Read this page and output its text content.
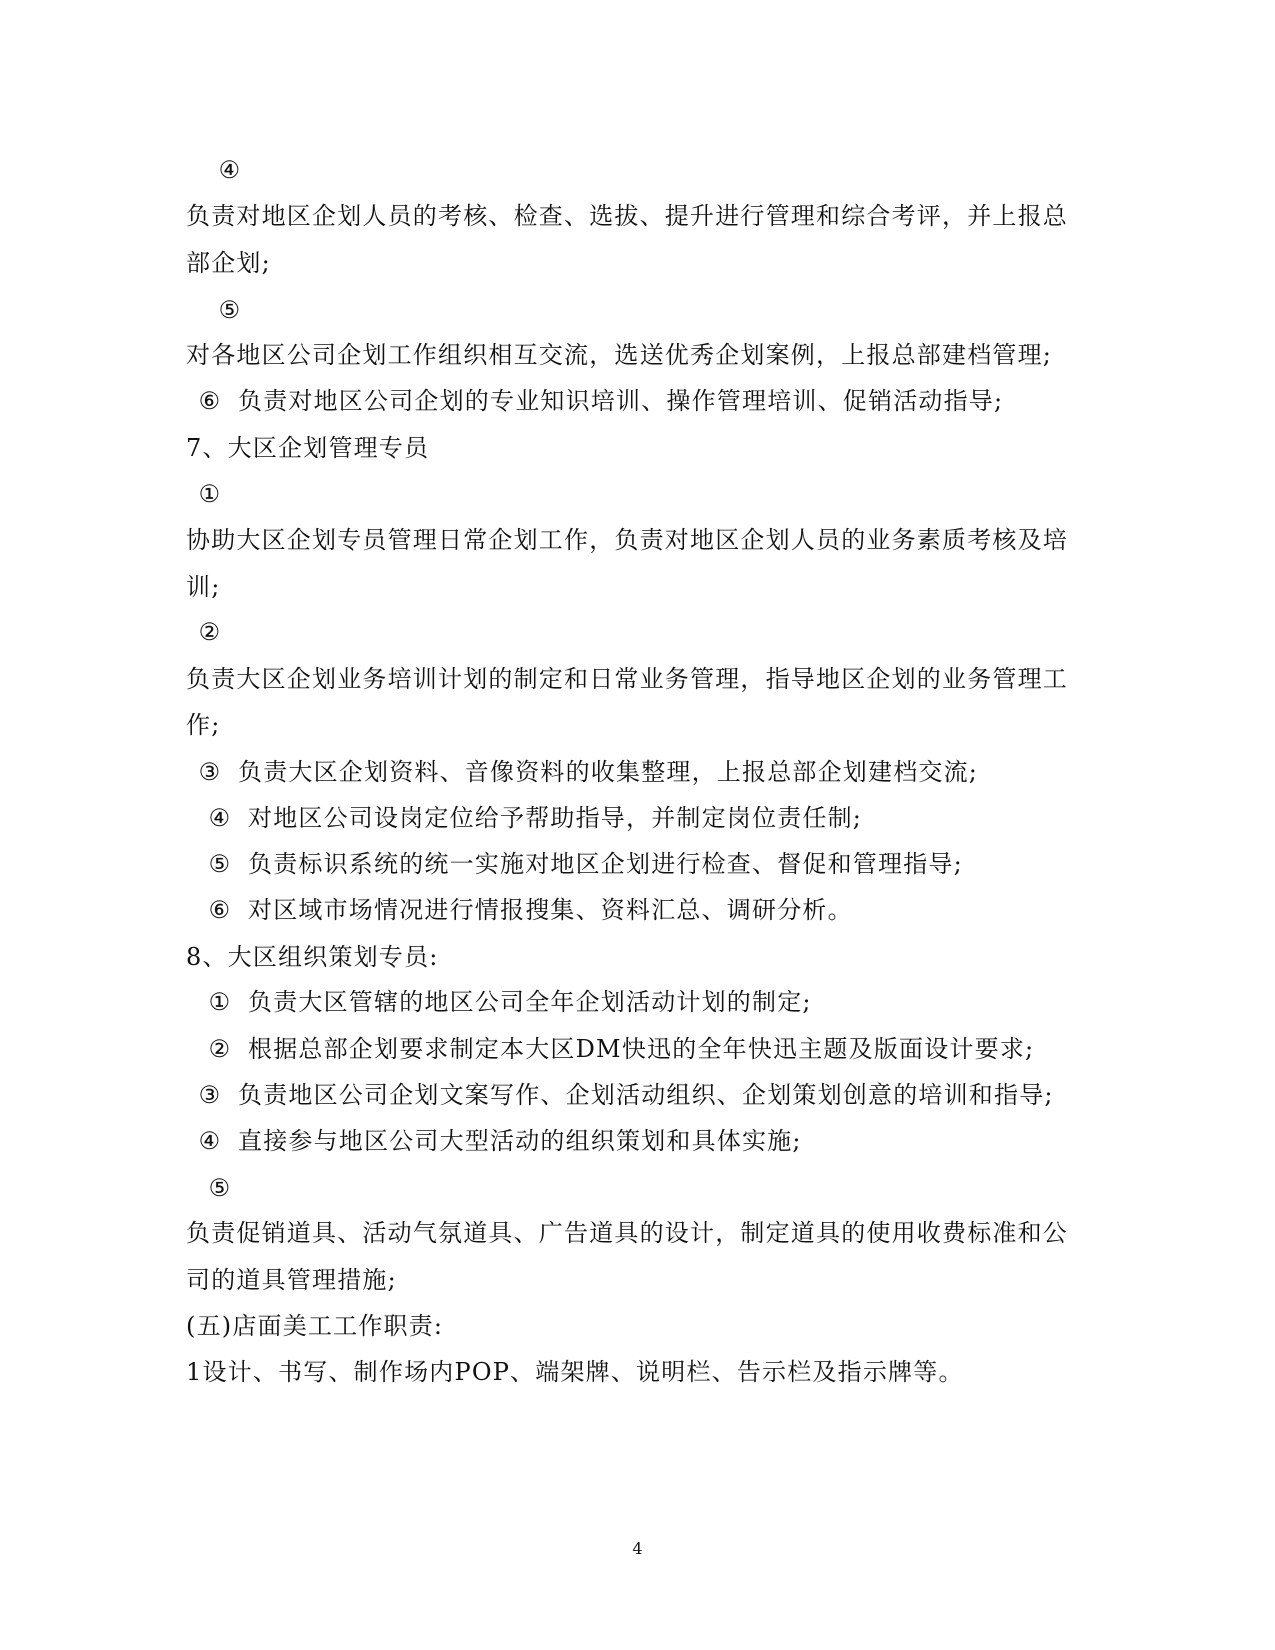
④
负责对地区企划人员的考核、检查、选拔、提升进行管理和综合考评，并上报总
部企划;
⑤
对各地区公司企划工作组织相互交流，选送优秀企划案例，上报总部建档管理;
⑥ 负责对地区公司企划的专业知识培训、操作管理培训、促销活动指导;
7、大区企划管理专员
①
协助大区企划专员管理日常企划工作，负责对地区企划人员的业务素质考核及培
训;
②
负责大区企划业务培训计划的制定和日常业务管理，指导地区企划的业务管理工
作;
③ 负责大区企划资料、音像资料的收集整理，上报总部企划建档交流;
④ 对地区公司设岗定位给予帮助指导，并制定岗位责任制;
⑤ 负责标识系统的统一实施对地区企划进行检查、督促和管理指导;
⑥ 对区域市场情况进行情报搜集、资料汇总、调研分析。
8、大区组织策划专员:
① 负责大区管辖的地区公司全年企划活动计划的制定;
② 根据总部企划要求制定本大区DM快迅的全年快迅主题及版面设计要求;
③ 负责地区公司企划文案写作、企划活动组织、企划策划创意的培训和指导;
④ 直接参与地区公司大型活动的组织策划和具体实施;
⑤
负责促销道具、活动气氛道具、广告道具的设计，制定道具的使用收费标准和公
司的道具管理措施;
(五)店面美工工作职责:
1设计、书写、制作场内POP、端架牌、说明栏、告示栏及指示牌等。
4
